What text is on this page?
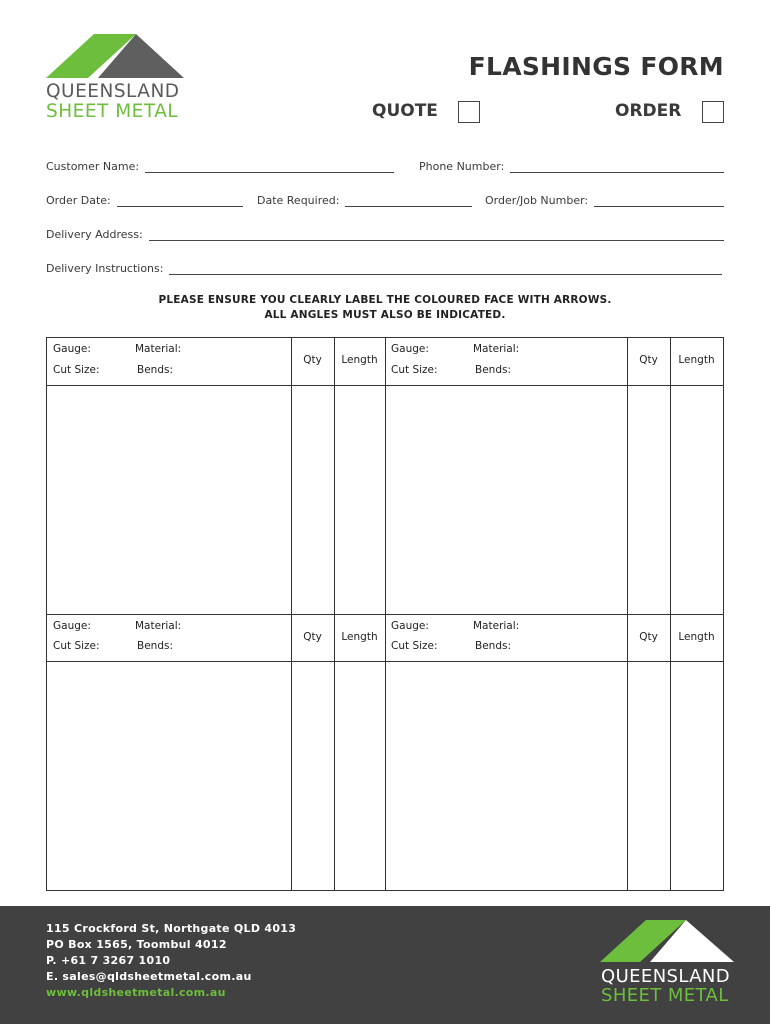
QUEENSLAND
SHEET METAL
FLASHINGS FORM
QUOTE	ORDER
Customer Name:	Phone Number:
Order Date:	Date Required:	Order/Job Number:
Delivery Address:
Delivery Instructions:
PLEASE ENSURE YOU CLEARLY LABEL THE COLOURED FACE WITH ARROWS.
ALL ANGLES MUST ALSO BE INDICATED.
Gauge:	Material:
Cut Size:	Bends:
Qty	Length
Gauge:	Material:
Cut Size:	Bends:
Qty	Length
Gauge:	Material:
Cut Size:	Bends:
Qty	Length
Gauge:	Material:
Cut Size:	Bends:
Qty	Length
115 Crockford St, Northgate QLD 4013
PO Box 1565, Toombul 4012
P. +61 7 3267 1010
E. sales@qldsheetmetal.com.au
www.qldsheetmetal.com.au
QUEENSLAND
SHEET METAL
